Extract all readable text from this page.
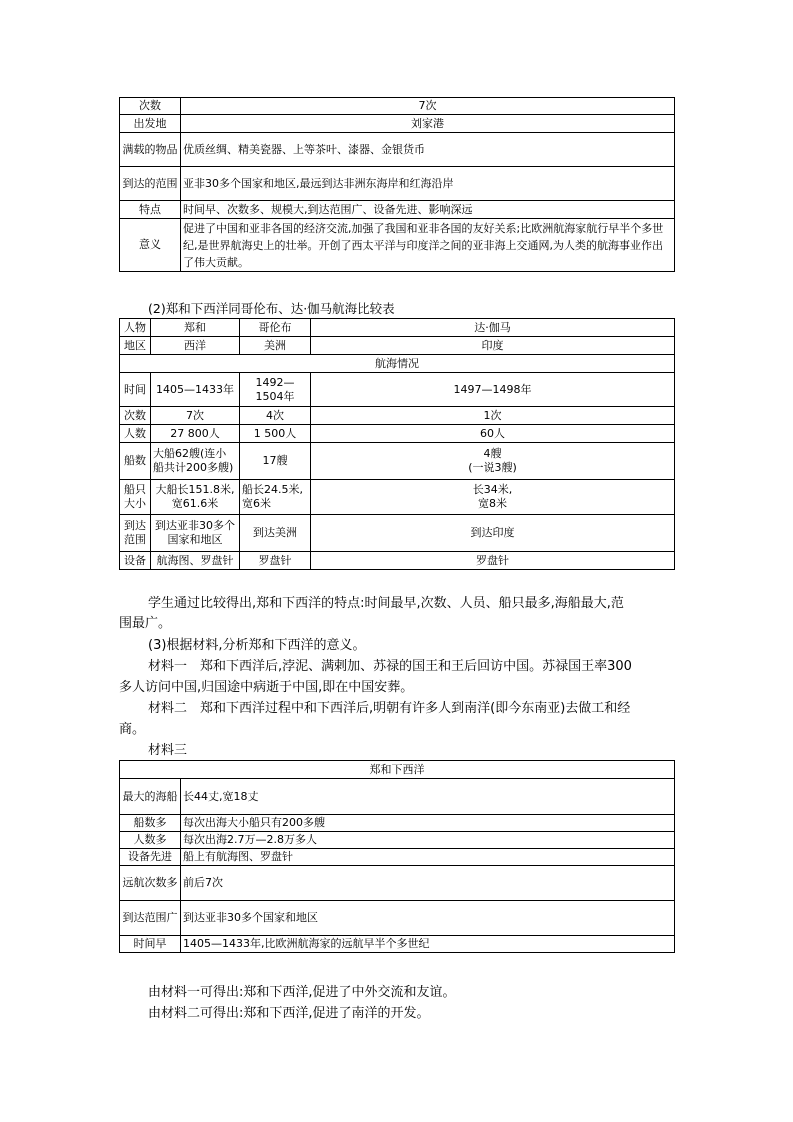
次数	7次
出发地	刘家港
满载的物品	优质丝绸、精美瓷器、上等茶叶、漆器、金银货币
到达的范围	亚非30多个国家和地区,最远到达非洲东海岸和红海沿岸
特点	时间早、次数多、规模大,到达范围广、设备先进、影响深远
意义	促进了中国和亚非各国的经济交流,加强了我国和亚非各国的友好关系;比欧洲航海家航行早半个多世纪,是世界航海史上的壮举。开创了西太平洋与印度洋之间的亚非海上交通网,为人类的航海事业作出了伟大贡献。
(2)郑和下西洋同哥伦布、达·伽马航海比较表
人物	郑和	哥伦布	达·伽马
地区	西洋	美洲	印度
航海情况			
时间	1405—1433年	1492—1504年	1497—1498年
次数	7次	4次	1次
人数	27 800人	1 500人	60人
船数	大船62艘(连小船共计200多艘)	17艘	4艘
(一说3艘)
船只大小	大船长151.8米,宽61.6米	船长24.5米,宽6米	长34米,
宽8米
到达范围	到达亚非30多个国家和地区	到达美洲	到达印度
设备	航海图、罗盘针	罗盘针	罗盘针
学生通过比较得出,郑和下西洋的特点:时间最早,次数、人员、船只最多,海船最大,范
围最广。
(3)根据材料,分析郑和下西洋的意义。
材料一　郑和下西洋后,浡泥、满剌加、苏禄的国王和王后回访中国。苏禄国王率300
多人访问中国,归国途中病逝于中国,即在中国安葬。
材料二　郑和下西洋过程中和下西洋后,明朝有许多人到南洋(即今东南亚)去做工和经
商。
材料三
郑和下西洋	
最大的海船	长44丈,宽18丈
船数多	每次出海大小船只有200多艘
人数多	每次出海2.7万—2.8万多人
设备先进	船上有航海图、罗盘针
远航次数多	前后7次
到达范围广	到达亚非30多个国家和地区
时间早	1405—1433年,比欧洲航海家的远航早半个多世纪
由材料一可得出:郑和下西洋,促进了中外交流和友谊。
由材料二可得出:郑和下西洋,促进了南洋的开发。
